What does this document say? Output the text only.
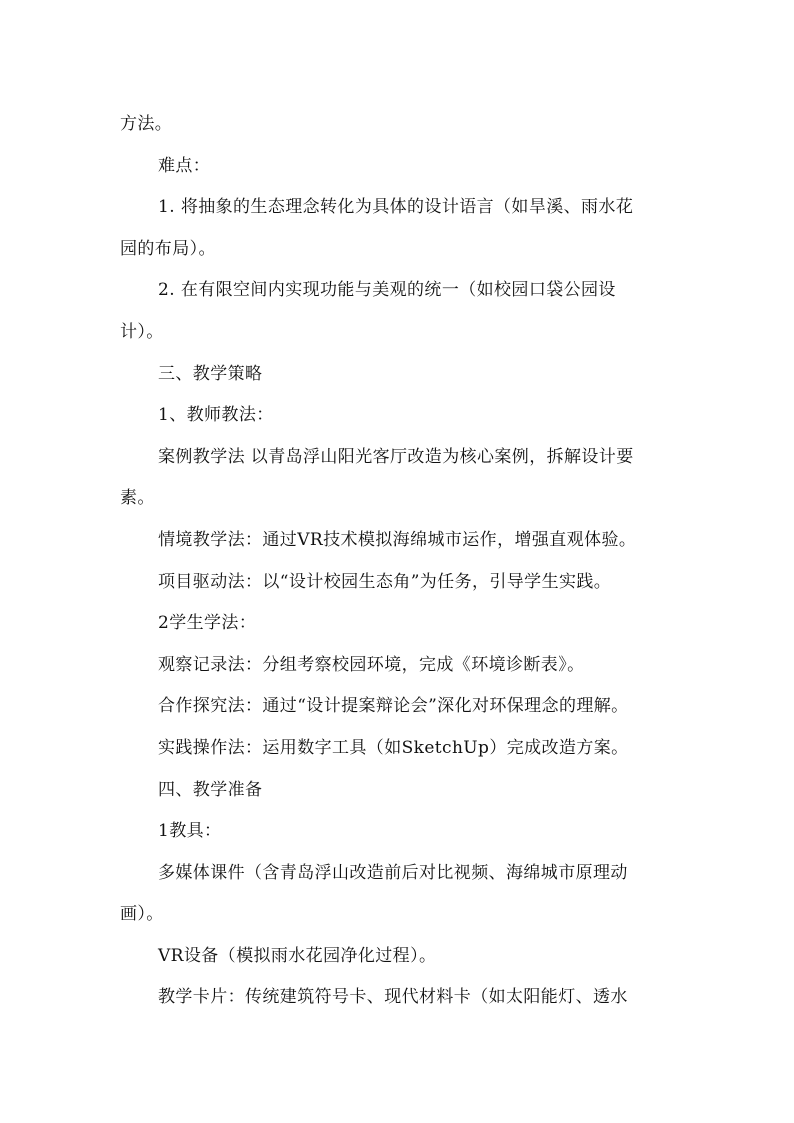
方法。
难点：
1. 将抽象的生态理念转化为具体的设计语言（如旱溪、雨水花
园的布局）。
2. 在有限空间内实现功能与美观的统一（如校园口袋公园设
计）。
三、教学策略
1、教师教法：
案例教学法 以青岛浮山阳光客厅改造为核心案例，拆解设计要
素。
情境教学法：通过VR技术模拟海绵城市运作，增强直观体验。
项目驱动法：以“设计校园生态角”为任务，引导学生实践。
2学生学法：
观察记录法：分组考察校园环境，完成《环境诊断表》。
合作探究法：通过“设计提案辩论会”深化对环保理念的理解。
实践操作法：运用数字工具（如SketchUp）完成改造方案。
四、教学准备
1教具：
多媒体课件（含青岛浮山改造前后对比视频、海绵城市原理动
画）。
VR设备（模拟雨水花园净化过程）。
教学卡片：传统建筑符号卡、现代材料卡（如太阳能灯、透水
